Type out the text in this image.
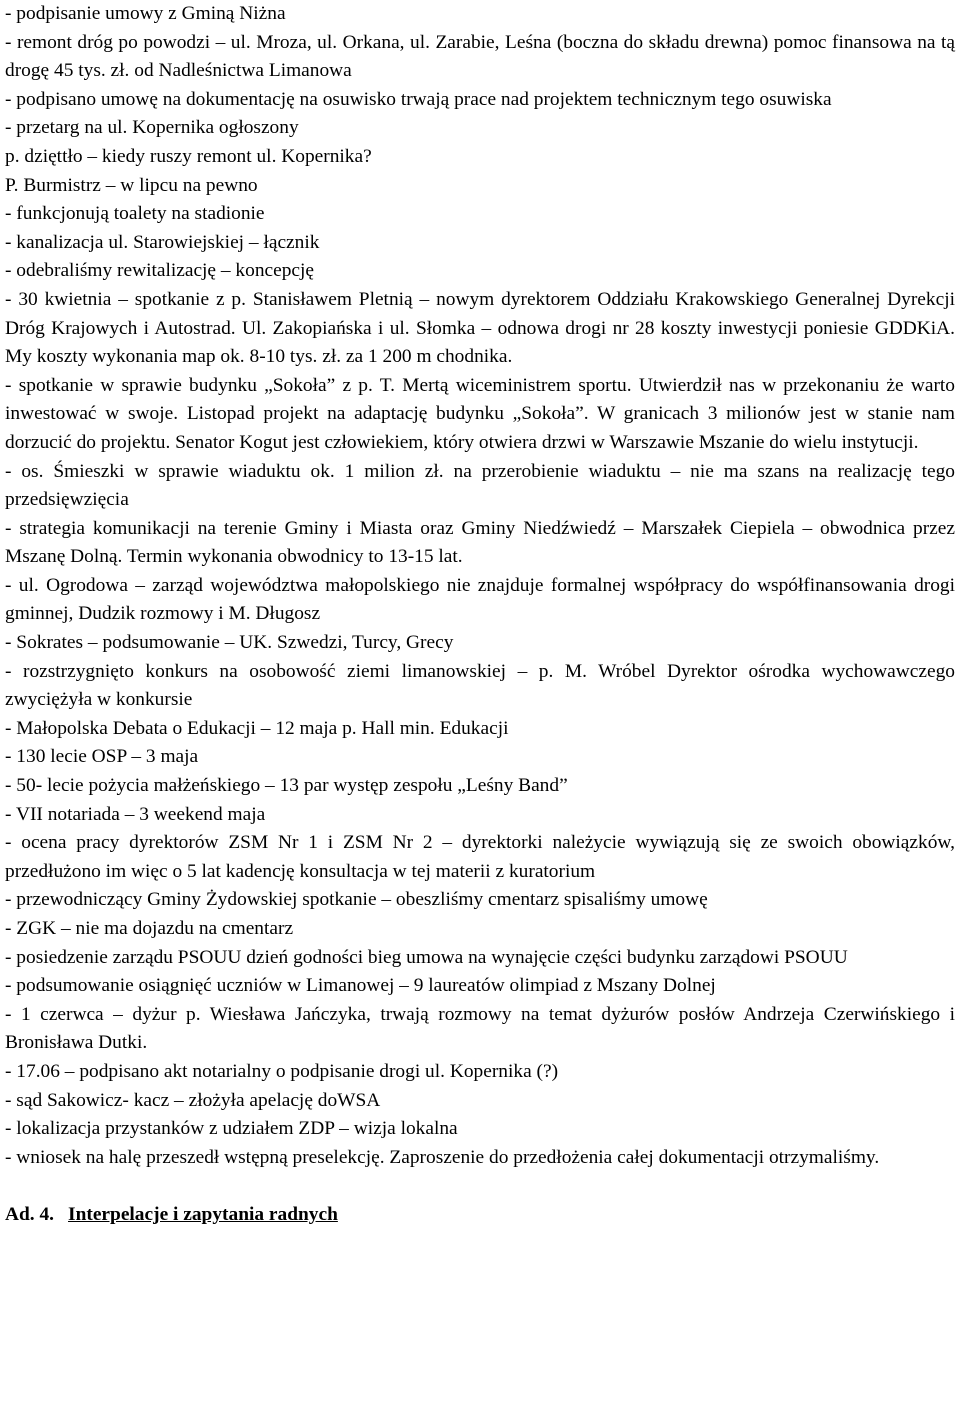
- podpisanie umowy z Gminą Niżna

- remont dróg po powodzi – ul. Mroza, ul. Orkana, ul. Zarabie, Leśna (boczna do składu drewna) pomoc finansowa na tą drogę 45 tys. zł. od Nadleśnictwa Limanowa

- podpisano umowę na dokumentację na osuwisko trwają prace nad projektem technicznym tego osuwiska

- przetarg na ul. Kopernika ogłoszony

p. dzięttło – kiedy ruszy remont ul. Kopernika?

P. Burmistrz – w lipcu na pewno

- funkcjonują toalety na stadionie

- kanalizacja ul. Starowiejskiej – łącznik

- odebraliśmy rewitalizację – koncepcję

- 30 kwietnia – spotkanie z p. Stanisławem Pletnią – nowym dyrektorem Oddziału Krakowskiego Generalnej Dyrekcji Dróg Krajowych i Autostrad. Ul. Zakopiańska i ul. Słomka – odnowa drogi nr 28 koszty inwestycji poniesie GDDKiA. My koszty wykonania map ok. 8-10 tys. zł. za 1 200 m chodnika.

- spotkanie w sprawie budynku „Sokoła” z p. T. Mertą wiceministrem sportu. Utwierdził nas w przekonaniu że warto inwestować w swoje. Listopad projekt na adaptację budynku „Sokoła”. W granicach 3 milionów jest w stanie nam dorzucić do projektu. Senator Kogut jest człowiekiem, który otwiera drzwi w Warszawie Mszanie do wielu instytucji.

- os. Śmieszki w sprawie wiaduktu ok. 1 milion zł. na przerobienie wiaduktu – nie ma szans na realizację tego przedsięwzięcia

- strategia komunikacji na terenie Gminy i Miasta oraz Gminy Niedźwiedź – Marszałek Ciepiela – obwodnica przez Mszanę Dolną. Termin wykonania obwodnicy to 13-15 lat.

- ul. Ogrodowa – zarząd województwa małopolskiego nie znajduje formalnej współpracy do współfinansowania drogi gminnej, Dudzik rozmowy i M. Długosz

- Sokrates – podsumowanie – UK. Szwedzi, Turcy, Grecy

- rozstrzygnięto konkurs na osobowość ziemi limanowskiej – p. M. Wróbel Dyrektor ośrodka wychowawczego zwyciężyła w konkursie

- Małopolska Debata o Edukacji – 12 maja p. Hall min. Edukacji

- 130 lecie OSP – 3 maja

- 50- lecie pożycia małżeńskiego – 13 par występ zespołu „Leśny Band”

- VII notariada – 3 weekend maja

- ocena pracy dyrektorów ZSM Nr 1 i ZSM Nr 2 – dyrektorki należycie wywiązują się ze swoich obowiązków, przedłużono im więc o 5 lat kadencję konsultacja w tej materii z kuratorium

- przewodniczący Gminy Żydowskiej spotkanie – obeszliśmy cmentarz spisaliśmy umowę

- ZGK – nie ma dojazdu na cmentarz

- posiedzenie zarządu PSOUU dzień godności bieg umowa na wynajęcie części budynku zarządowi PSOUU

- podsumowanie osiągnięć uczniów w Limanowej – 9 laureatów olimpiad z Mszany Dolnej

- 1 czerwca – dyżur p. Wiesława Jańczyka, trwają rozmowy na temat dyżurów posłów Andrzeja Czerwińskiego i Bronisława Dutki.

- 17.06 – podpisano akt notarialny o podpisanie drogi ul. Kopernika (?)

- sąd Sakowicz- kacz – złożyła apelację doWSA

- lokalizacja przystanków z udziałem ZDP – wizja lokalna

- wniosek na halę przeszedł wstępną preselekcję. Zaproszenie do przedłożenia całej dokumentacji otrzymaliśmy.

Ad. 4. Interpelacje i zapytania radnych
